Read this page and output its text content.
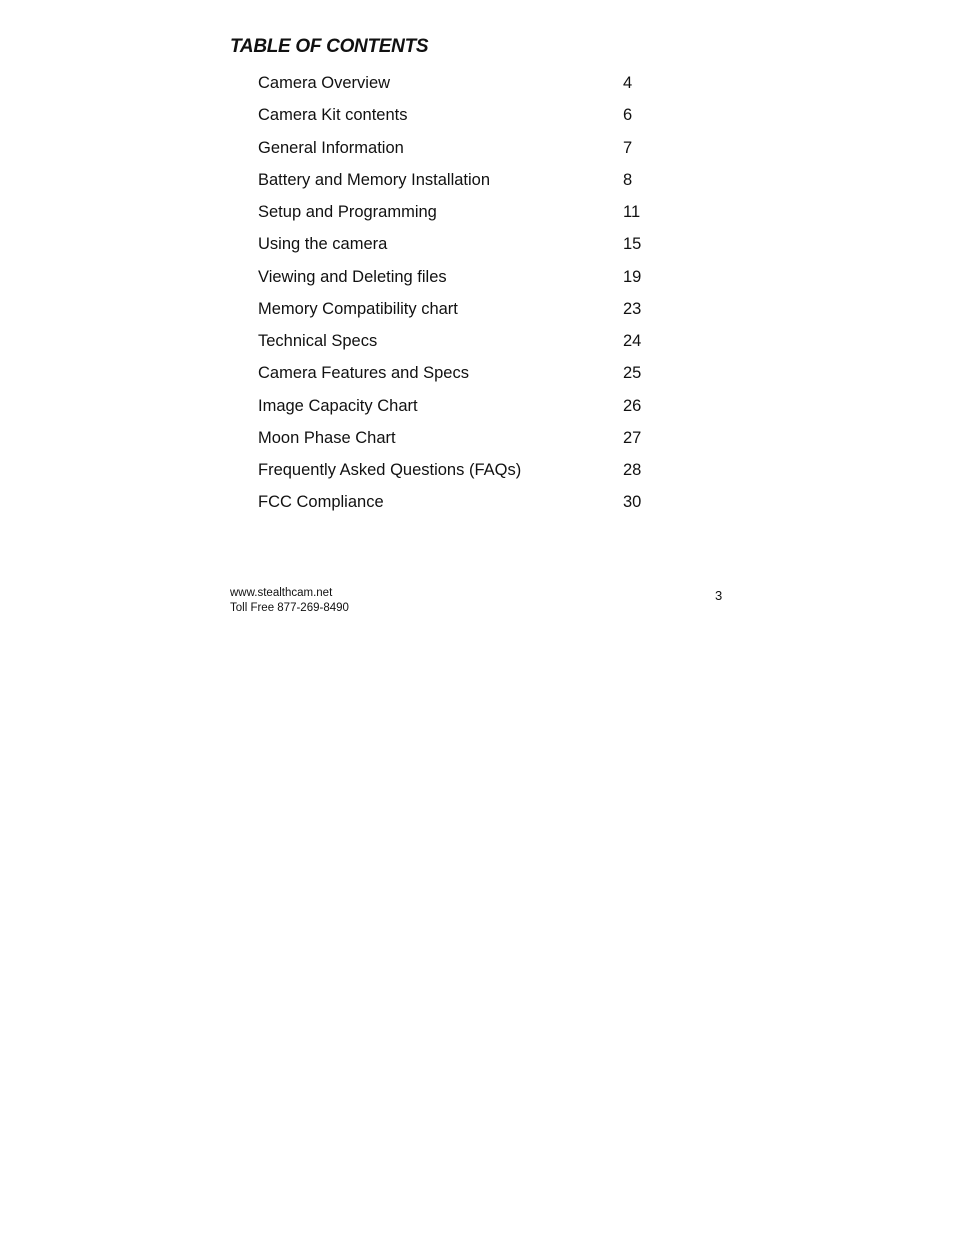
TABLE OF CONTENTS
Camera Overview	4
Camera Kit contents	6
General Information	7
Battery and Memory Installation	8
Setup and Programming	11
Using the camera	15
Viewing and Deleting files	19
Memory Compatibility chart	23
Technical Specs	24
Camera Features and Specs	25
Image Capacity Chart	26
Moon Phase Chart	27
Frequently Asked Questions (FAQs)	28
FCC Compliance	30
www.stealthcam.net
Toll Free 877-269-8490
3
